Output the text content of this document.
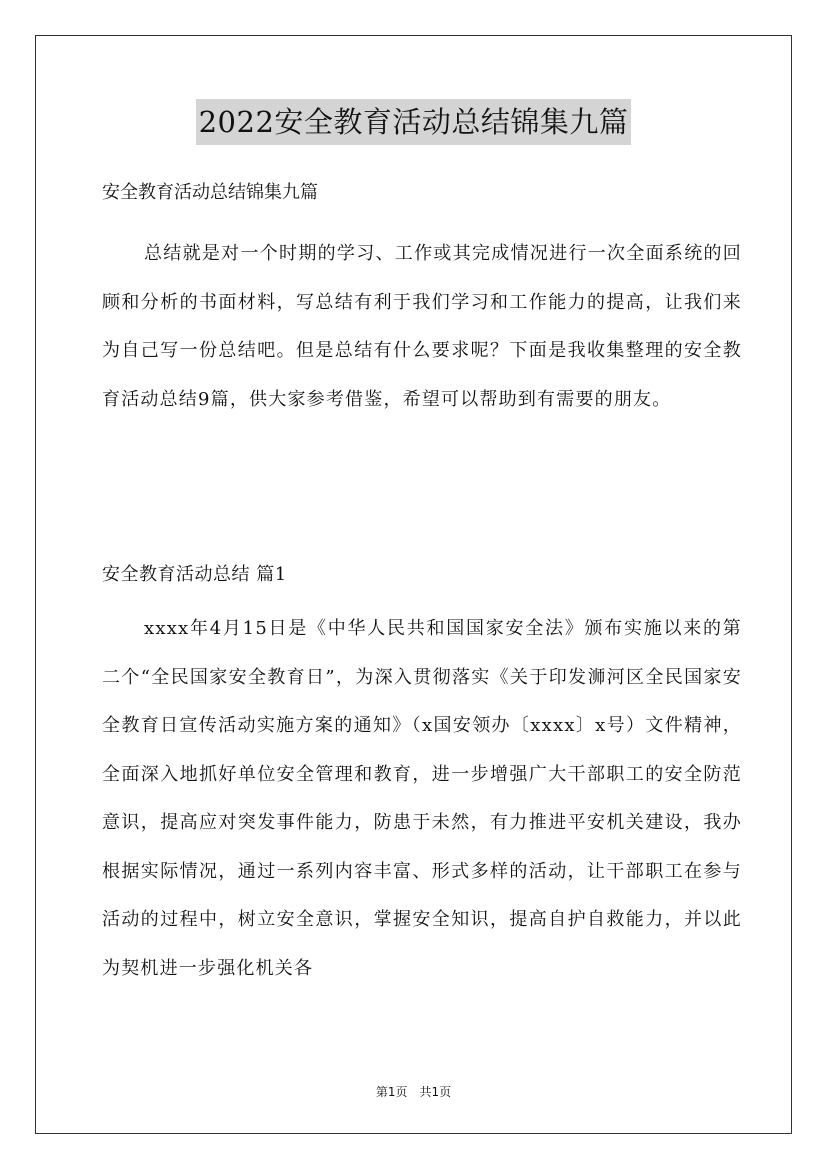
2022安全教育活动总结锦集九篇

安全教育活动总结锦集九篇

总结就是对一个时期的学习、工作或其完成情况进行一次全面系统的回顾和分析的书面材料，写总结有利于我们学习和工作能力的提高，让我们来为自己写一份总结吧。但是总结有什么要求呢？下面是我收集整理的安全教育活动总结9篇，供大家参考借鉴，希望可以帮助到有需要的朋友。

安全教育活动总结 篇1

xxxx年4月15日是《中华人民共和国国家安全法》颁布实施以来的第二个“全民国家安全教育日”，为深入贯彻落实《关于印发浉河区全民国家安全教育日宣传活动实施方案的通知》（x国安领办〔xxxx〕x号）文件精神，全面深入地抓好单位安全管理和教育，进一步增强广大干部职工的安全防范意识，提高应对突发事件能力，防患于未然，有力推进平安机关建设，我办根据实际情况，通过一系列内容丰富、形式多样的活动，让干部职工在参与活动的过程中，树立安全意识，掌握安全知识，提高自护自救能力，并以此为契机进一步强化机关各

第1页　共1页
